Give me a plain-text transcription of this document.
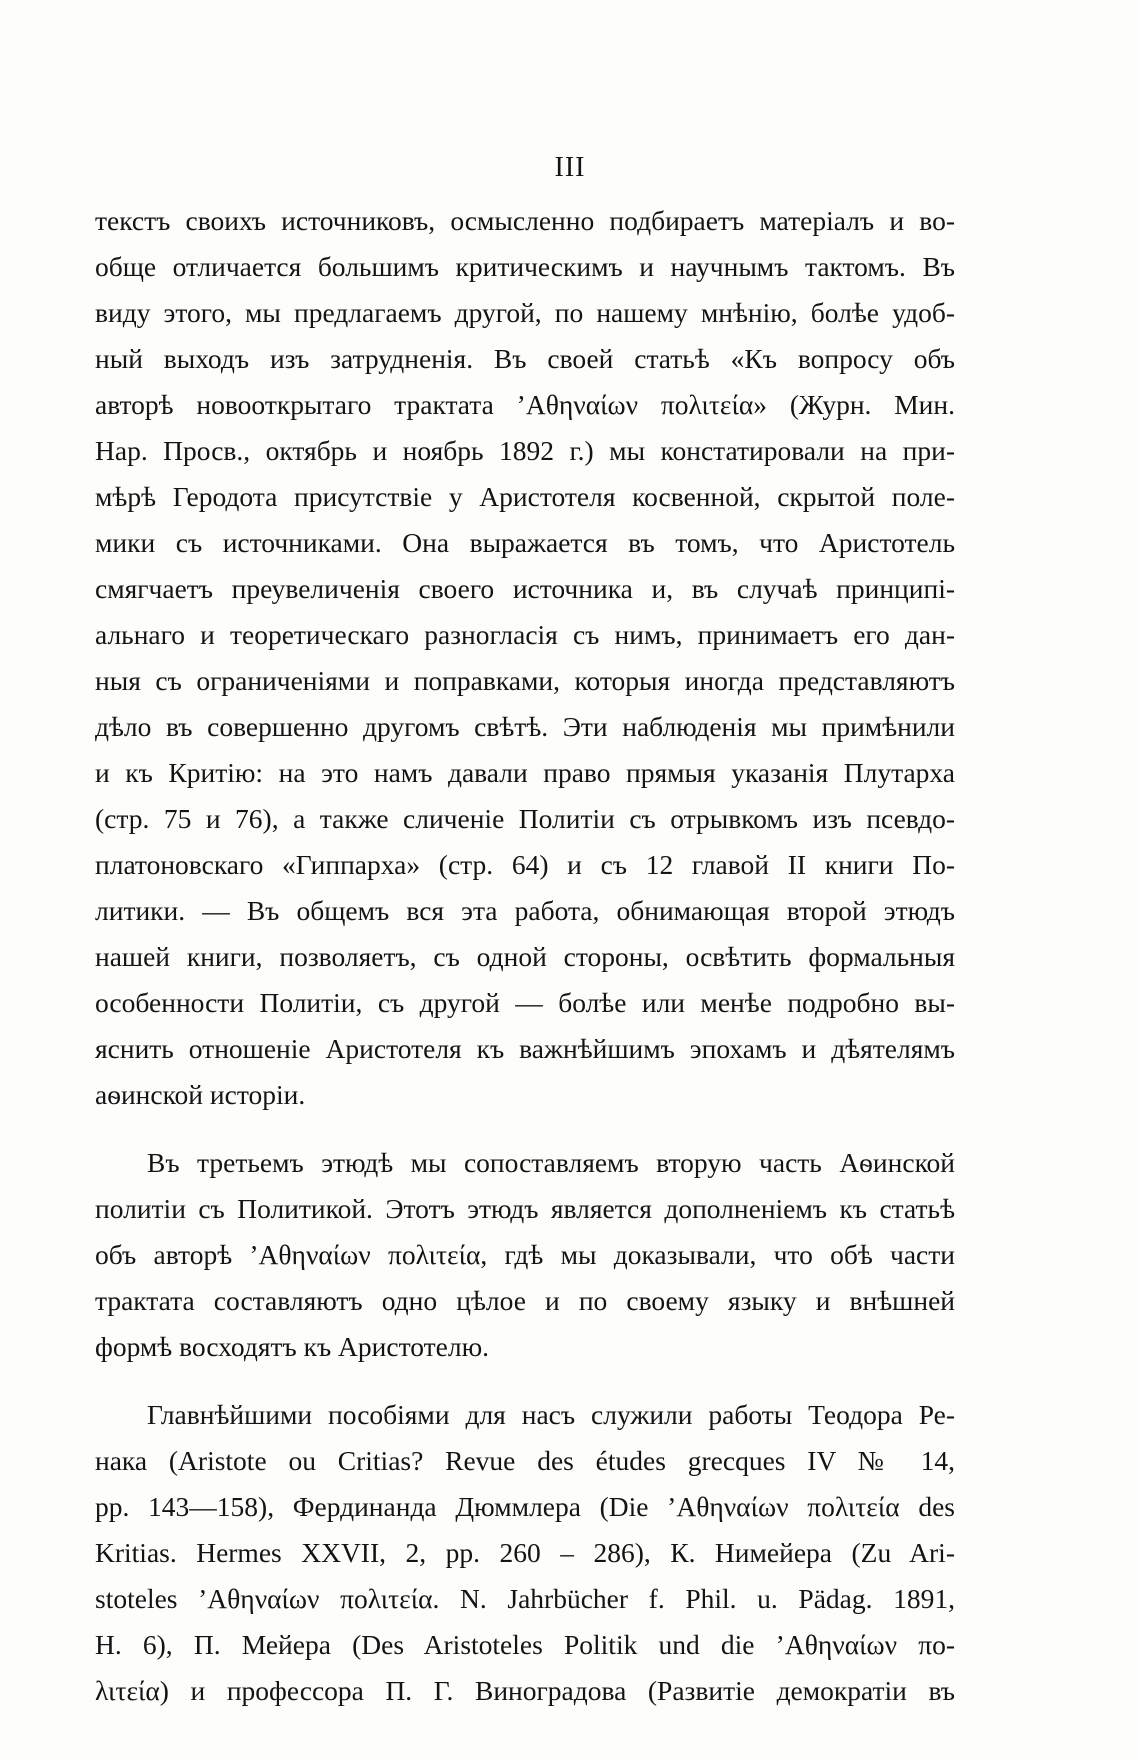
III
текстъ своихъ источниковъ, осмысленно подбираетъ матеріалъ и во-
обще отличается большимъ критическимъ и научнымъ тактомъ. Въ
виду этого, мы предлагаемъ другой, по нашему мнѣнію, болѣе удоб-
ный выходъ изъ затрудненія. Въ своей статьѣ «Къ вопросу объ
авторѣ новооткрытаго трактата ’Αθηναίων πολιτεία» (Журн. Мин.
Нар. Просв., октябрь и ноябрь 1892 г.) мы констатировали на при-
мѣрѣ Геродота присутствіе у Аристотеля косвенной, скрытой поле-
мики съ источниками. Она выражается въ томъ, что Аристотель
смягчаетъ преувеличенія своего источника и, въ случаѣ принципі-
альнаго и теоретическаго разногласія съ нимъ, принимаетъ его дан-
ныя съ ограниченіями и поправками, которыя иногда представляютъ
дѣло въ совершенно другомъ свѣтѣ. Эти наблюденія мы примѣнили
и къ Критію: на это намъ давали право прямыя указанія Плутарха
(стр. 75 и 76), а также сличеніе Политіи съ отрывкомъ изъ псевдо-
платоновскаго «Гиппарха» (стр. 64) и съ 12 главой II книги По-
литики. — Въ общемъ вся эта работа, обнимающая второй этюдъ
нашей книги, позволяетъ, съ одной стороны, освѣтить формальныя
особенности Политіи, съ другой — болѣе или менѣе подробно вы-
яснить отношеніе Аристотеля къ важнѣйшимъ эпохамъ и дѣятелямъ
аѳинской исторіи.
Въ третьемъ этюдѣ мы сопоставляемъ вторую часть Аѳинской
политіи съ Политикой. Этотъ этюдъ является дополненіемъ къ статьѣ
объ авторѣ ’Αθηναίων πολιτεία, гдѣ мы доказывали, что обѣ части
трактата составляютъ одно цѣлое и по своему языку и внѣшней
формѣ восходятъ къ Аристотелю.
Главнѣйшими пособіями для насъ служили работы Теодора Ре-
нака (Aristote ou Critias? Revue des études grecques IV № 14,
pp. 143—158), Фердинанда Дюммлера (Die ’Αθηναίων πολιτεία des
Kritias. Hermes XXVII, 2, pp. 260 – 286), К. Нимейера (Zu Ari-
stoteles ’Αθηναίων πολιτεία. N. Jahrbücher f. Phil. u. Pädag. 1891,
H. 6), П. Мейера (Des Aristoteles Politik und die ’Αθηναίων πο-
λιτεία) и профессора П. Г. Виноградова (Развитіе демократіи въ
